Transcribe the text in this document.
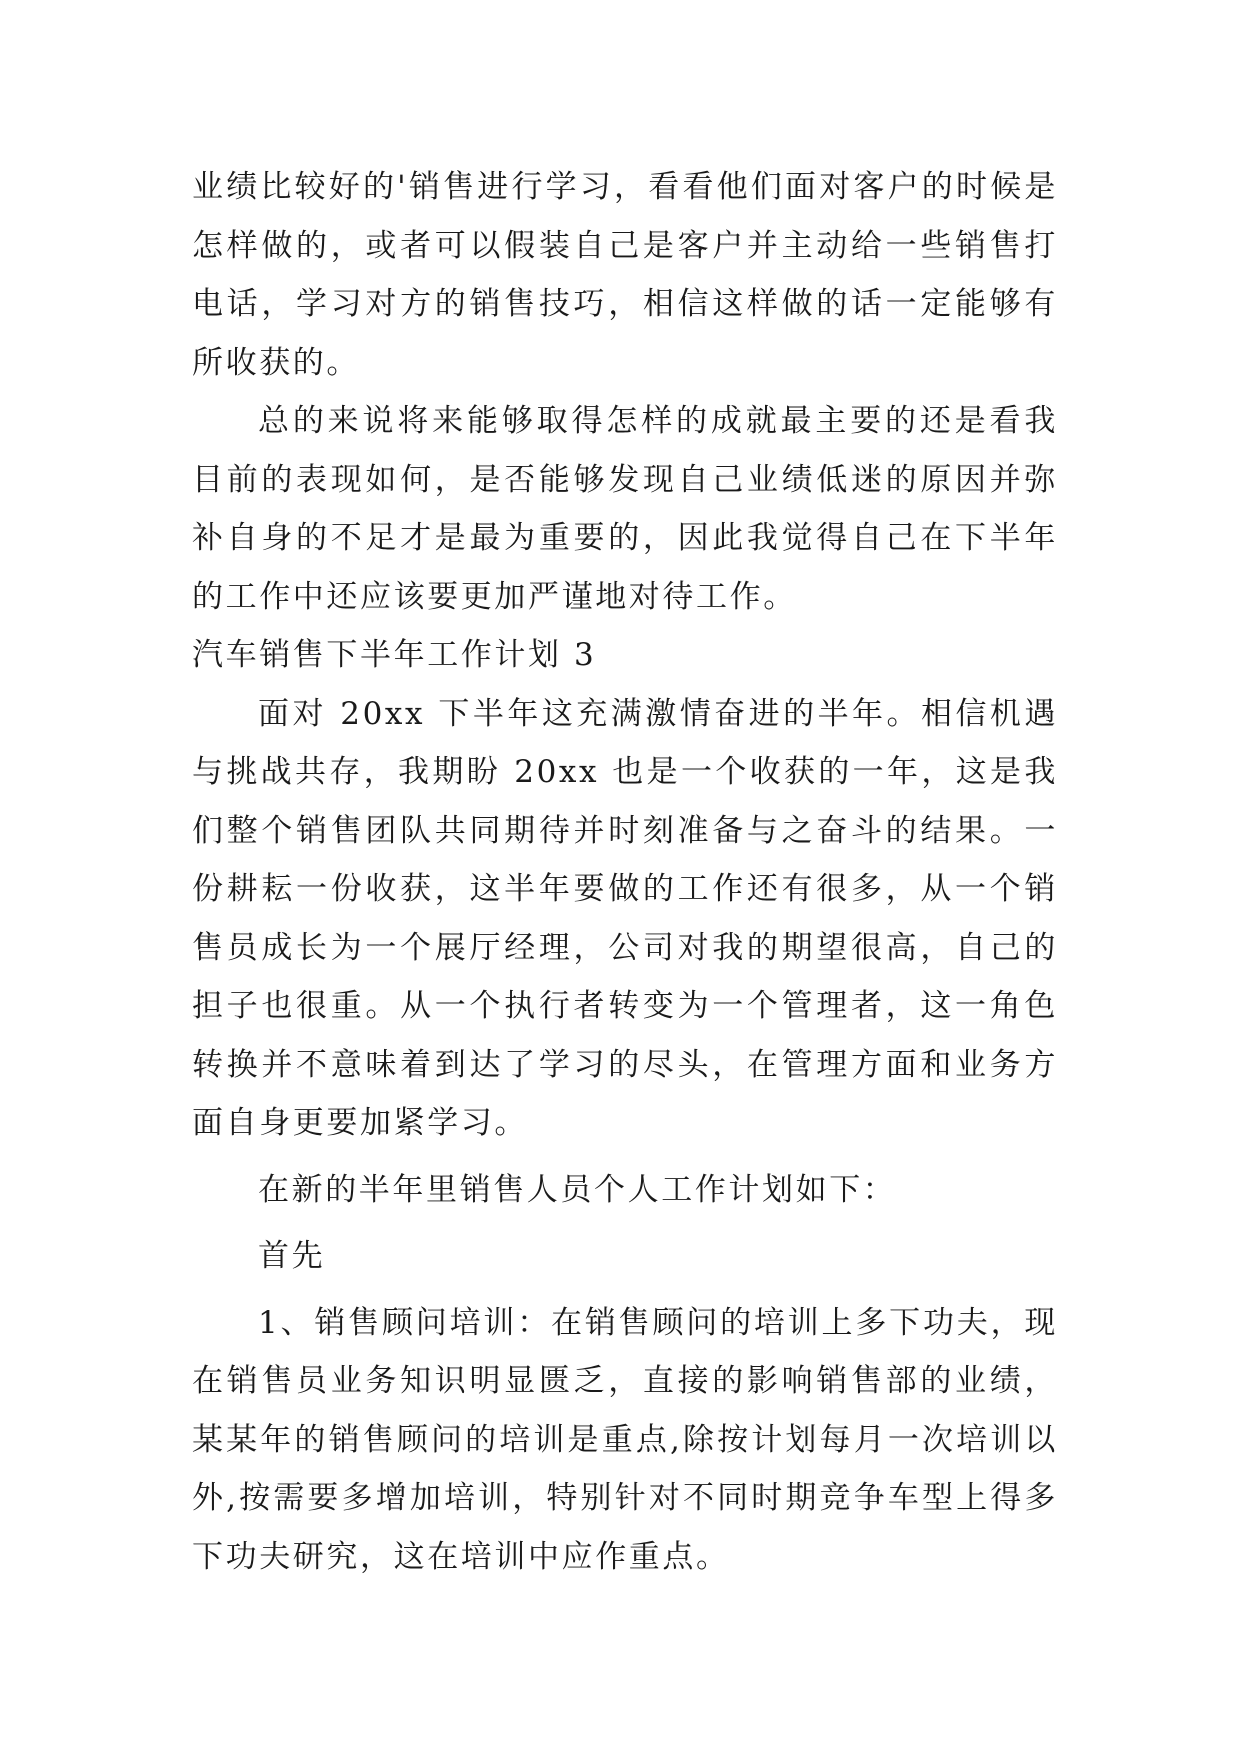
业绩比较好的'销售进行学习，看看他们面对客户的时候是怎样做的，或者可以假装自己是客户并主动给一些销售打电话，学习对方的销售技巧，相信这样做的话一定能够有所收获的。

总的来说将来能够取得怎样的成就最主要的还是看我目前的表现如何，是否能够发现自己业绩低迷的原因并弥补自身的不足才是最为重要的，因此我觉得自己在下半年的工作中还应该要更加严谨地对待工作。

汽车销售下半年工作计划 3

面对 20xx 下半年这充满激情奋进的半年。相信机遇与挑战共存，我期盼 20xx 也是一个收获的一年，这是我们整个销售团队共同期待并时刻准备与之奋斗的结果。一份耕耘一份收获，这半年要做的工作还有很多，从一个销售员成长为一个展厅经理，公司对我的期望很高，自己的担子也很重。从一个执行者转变为一个管理者，这一角色转换并不意味着到达了学习的尽头，在管理方面和业务方面自身更要加紧学习。

在新的半年里销售人员个人工作计划如下：

首先

1、销售顾问培训：在销售顾问的培训上多下功夫，现在销售员业务知识明显匮乏，直接的影响销售部的业绩，某某年的销售顾问的培训是重点,除按计划每月一次培训以外,按需要多增加培训，特别针对不同时期竞争车型上得多下功夫研究，这在培训中应作重点。
